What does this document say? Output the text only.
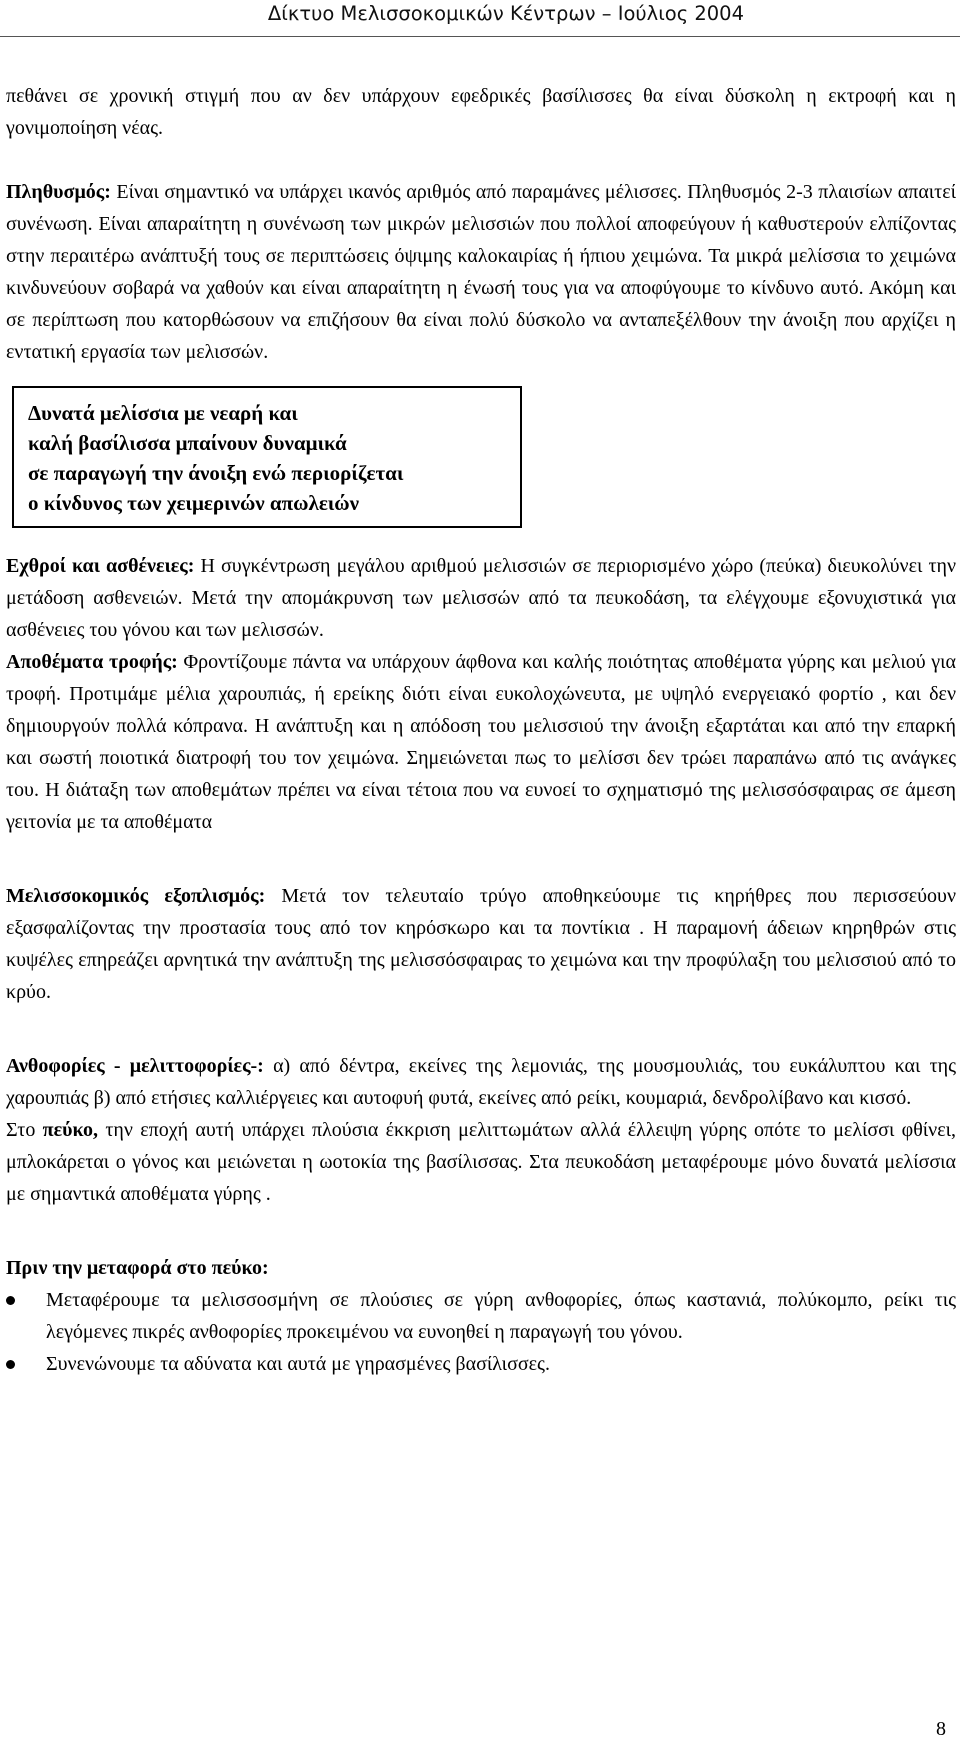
Δίκτυο Μελισσοκομικών Κέντρων – Ιούλιος 2004

πεθάνει σε χρονική στιγμή που αν δεν υπάρχουν εφεδρικές βασίλισσες θα είναι δύσκολη η εκτροφή και η γονιμοποίηση νέας.

Πληθυσμός: Είναι σημαντικό να υπάρχει ικανός αριθμός από παραμάνες μέλισσες. Πληθυσμός 2-3 πλαισίων απαιτεί συνένωση. Είναι απαραίτητη η συνένωση των μικρών μελισσιών που πολλοί αποφεύγουν ή καθυστερούν ελπίζοντας στην περαιτέρω ανάπτυξή τους σε περιπτώσεις όψιμης καλοκαιρίας ή ήπιου χειμώνα. Τα μικρά μελίσσια το χειμώνα κινδυνεύουν σοβαρά να χαθούν και είναι απαραίτητη η ένωσή τους για να αποφύγουμε το κίνδυνο αυτό. Ακόμη και σε περίπτωση που κατορθώσουν να επιζήσουν θα είναι πολύ δύσκολο να ανταπεξέλθουν την άνοιξη που αρχίζει η εντατική εργασία των μελισσών.

Δυνατά μελίσσια με νεαρή και
καλή βασίλισσα μπαίνουν δυναμικά
σε παραγωγή την άνοιξη ενώ περιορίζεται
ο κίνδυνος των χειμερινών απωλειών

Εχθροί και ασθένειες: Η συγκέντρωση μεγάλου αριθμού μελισσιών σε περιορισμένο χώρο (πεύκα) διευκολύνει την μετάδοση ασθενειών. Μετά την απομάκρυνση των μελισσών από τα πευκοδάση, τα ελέγχουμε εξονυχιστικά για ασθένειες του γόνου και των μελισσών.

Αποθέματα τροφής: Φροντίζουμε πάντα να υπάρχουν άφθονα και καλής ποιότητας αποθέματα γύρης και μελιού για τροφή. Προτιμάμε μέλια χαρουπιάς, ή ερείκης διότι είναι ευκολοχώνευτα, με υψηλό ενεργειακό φορτίο , και δεν δημιουργούν πολλά κόπρανα. Η ανάπτυξη και η απόδοση του μελισσιού την άνοιξη εξαρτάται και από την επαρκή και σωστή ποιοτικά διατροφή του τον χειμώνα. Σημειώνεται πως το μελίσσι δεν τρώει παραπάνω από τις ανάγκες του. Η διάταξη των αποθεμάτων πρέπει να είναι τέτοια που να ευνοεί το σχηματισμό της μελισσόσφαιρας σε άμεση γειτονία με τα αποθέματα

Μελισσοκομικός εξοπλισμός: Μετά τον τελευταίο τρύγο αποθηκεύουμε τις κηρήθρες που περισσεύουν εξασφαλίζοντας την προστασία τους από τον κηρόσκωρο και τα ποντίκια . Η παραμονή άδειων κηρηθρών στις κυψέλες επηρεάζει αρνητικά την ανάπτυξη της μελισσόσφαιρας το χειμώνα και την προφύλαξη του μελισσιού από το κρύο.

Ανθοφορίες - μελιττοφορίες-: α) από δέντρα, εκείνες της λεμονιάς, της μουσμουλιάς, του ευκάλυπτου και της χαρουπιάς β) από ετήσιες καλλιέργειες και αυτοφυή φυτά, εκείνες από ρείκι, κουμαριά, δενδρολίβανο και κισσό.

Στο πεύκο, την εποχή αυτή υπάρχει πλούσια έκκριση μελιττωμάτων αλλά έλλειψη γύρης οπότε το μελίσσι φθίνει, μπλοκάρεται ο γόνος και μειώνεται η ωοτοκία της βασίλισσας. Στα πευκοδάση μεταφέρουμε μόνο δυνατά μελίσσια με σημαντικά αποθέματα γύρης .

Πριν την μεταφορά στο πεύκο:

Μεταφέρουμε τα μελισσοσμήνη σε πλούσιες σε γύρη ανθοφορίες, όπως καστανιά, πολύκομπο, ρείκι τις λεγόμενες πικρές ανθοφορίες προκειμένου να ευνοηθεί η παραγωγή του γόνου.
Συνενώνουμε τα αδύνατα και αυτά με γηρασμένες βασίλισσες.
8
